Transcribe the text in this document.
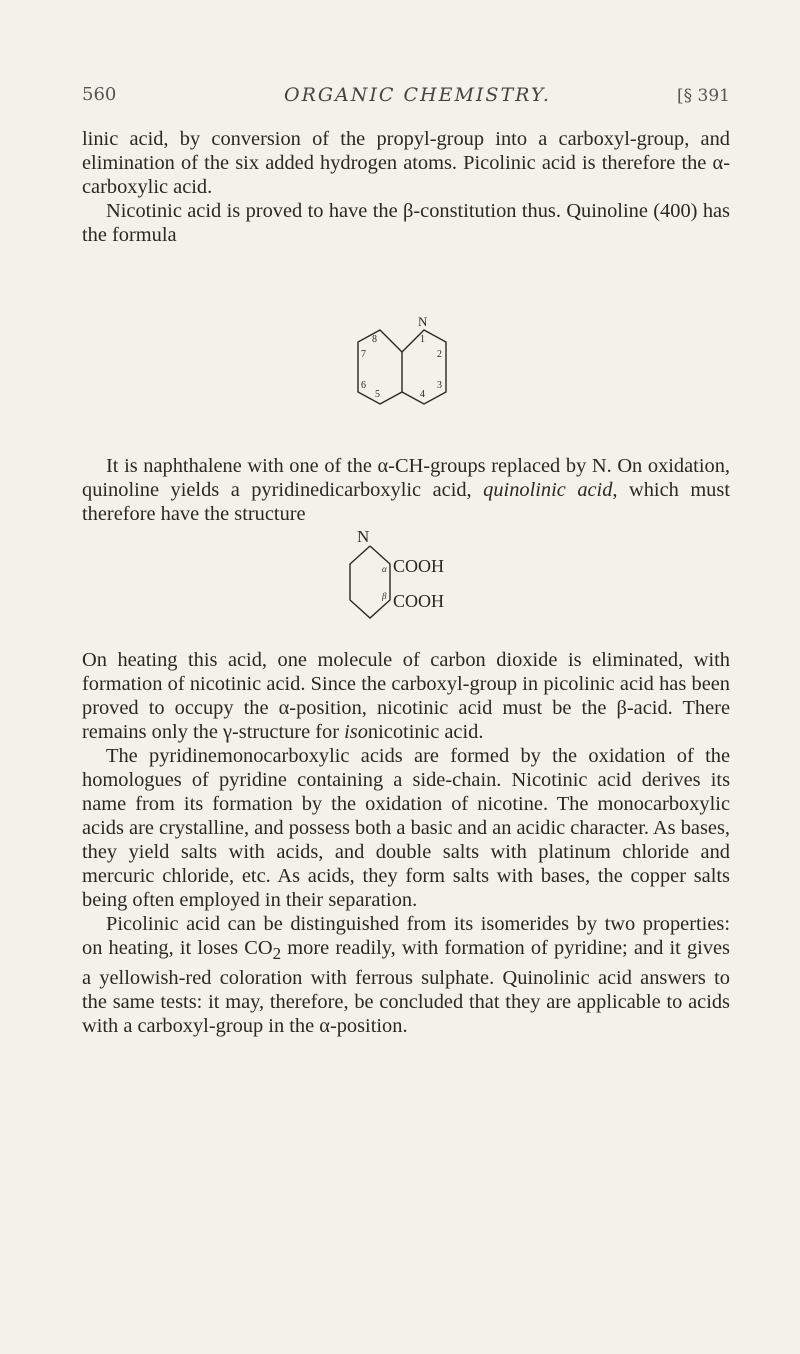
560	ORGANIC CHEMISTRY.	[§ 391

linic acid, by conversion of the propyl-group into a carboxyl-group, and elimination of the six added hydrogen atoms. Picolinic acid is therefore the α-carboxylic acid.

Nicotinic acid is proved to have the β-constitution thus. Quinoline (400) has the formula

N
8	1
7	2
6	3
5	4

It is naphthalene with one of the α-CH-groups replaced by N. On oxidation, quinoline yields a pyridinedicarboxylic acid, quinolinic acid, which must therefore have the structure

N
α
β
COOH
COOH

On heating this acid, one molecule of carbon dioxide is eliminated, with formation of nicotinic acid. Since the carboxyl-group in picolinic acid has been proved to occupy the α-position, nicotinic acid must be the β-acid. There remains only the γ-structure for isonicotinic acid.

The pyridinemonocarboxylic acids are formed by the oxidation of the homologues of pyridine containing a side-chain. Nicotinic acid derives its name from its formation by the oxidation of nicotine. The monocarboxylic acids are crystalline, and possess both a basic and an acidic character. As bases, they yield salts with acids, and double salts with platinum chloride and mercuric chloride, etc. As acids, they form salts with bases, the copper salts being often employed in their separation.

Picolinic acid can be distinguished from its isomerides by two properties: on heating, it loses $CO_2$ more readily, with formation of pyridine; and it gives a yellowish-red coloration with ferrous sulphate. Quinolinic acid answers to the same tests: it may, therefore, be concluded that they are applicable to acids with a carboxyl-group in the α-position.
